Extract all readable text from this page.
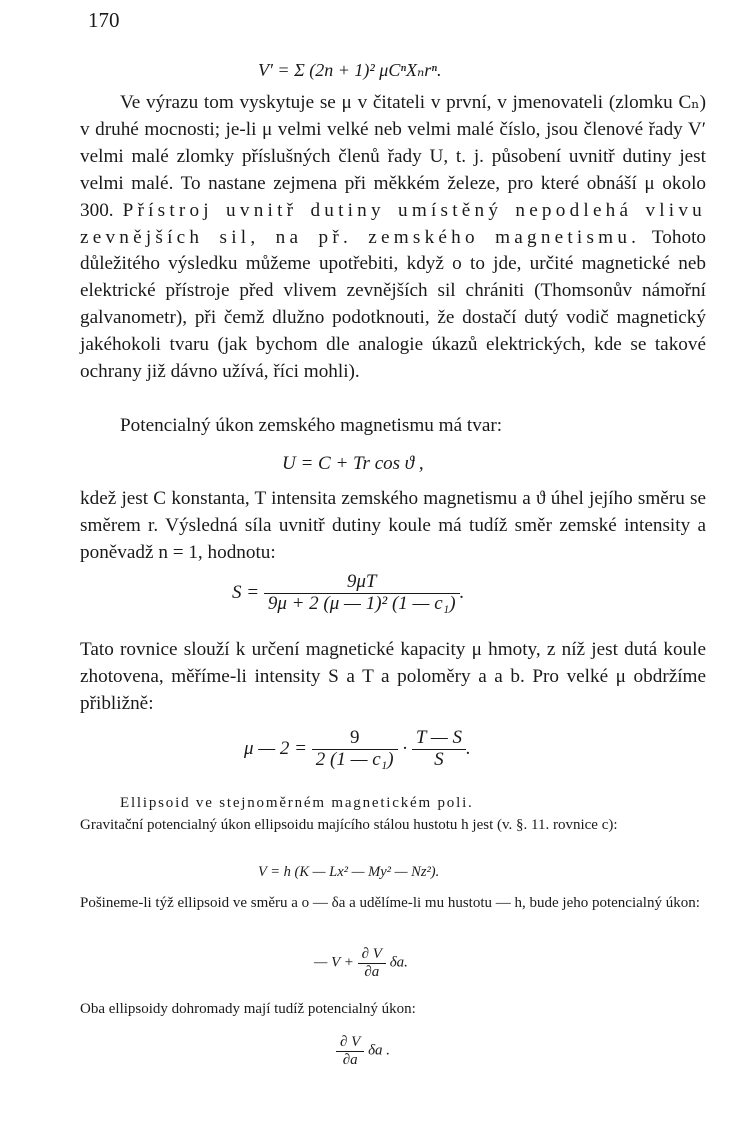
170
V′ = Σ (2n + 1)² μCⁿXₙrⁿ.

Ve výrazu tom vyskytuje se μ v čitateli v první, v jmenovateli (zlomku Cₙ) v druhé mocnosti; je-li μ velmi velké neb velmi malé číslo, jsou členové řady V′ velmi malé zlomky příslušných členů řady U, t. j. působení uvnitř dutiny jest velmi malé. To nastane zejmena při měkkém železe, pro které obnáší μ okolo 300. Přístroj uvnitř dutiny umístěný nepodlehá vlivu zevnějších sil, na př. zemského magnetismu. Tohoto důležitého výsledku můžeme upotřebiti, když o to jde, určité magnetické neb elektrické přístroje před vlivem zevnějších sil chrániti (Thomsonův námořní galvanometr), při čemž dlužno podotknouti, že dostačí dutý vodič magnetický jakéhokoli tvaru (jak bychom dle analogie úkazů elektrických, kde se takové ochrany již dávno užívá, říci mohli).

Potencialný úkon zemského magnetismu má tvar:

U = C + Tr cos ϑ ,

kdež jest C konstanta, T intensita zemského magnetismu a ϑ úhel jejího směru se směrem r. Výsledná síla uvnitř dutiny koule má tudíž směr zemské intensity a poněvadž n = 1, hodnotu:

$S = \frac{9\mu T}{\text{9μ + 2 (μ — 1)² (1 — c₁)}}$ .

Tato rovnice slouží k určení magnetické kapacity μ hmoty, z níž jest dutá koule zhotovena, měříme-li intensity S a T a poloměry a a b. Pro velké μ obdržíme přibližně:

μ — $2 = \frac{9}{\text{2 (1 — c₁)}} \cdot \frac{T — S}{S}$ .

Ellipsoid ve stejnoměrném magnetickém poli.

Gravitační potencialný úkon ellipsoidu majícího stálou hustotu h jest (v. §. 11. rovnice c):

V = h (K — Lx² — My² — Nz²).

Pošineme-li týž ellipsoid ve směru a o — δa a udělíme-li mu hustotu — h, bude jeho potencialný úkon:

— $V + \frac{\partial V}{\partial a} \delta a$.

Oba ellipsoidy dohromady mají tudíž potencialný úkon:

$\frac{\partial V}{\partial a}$ δa .
